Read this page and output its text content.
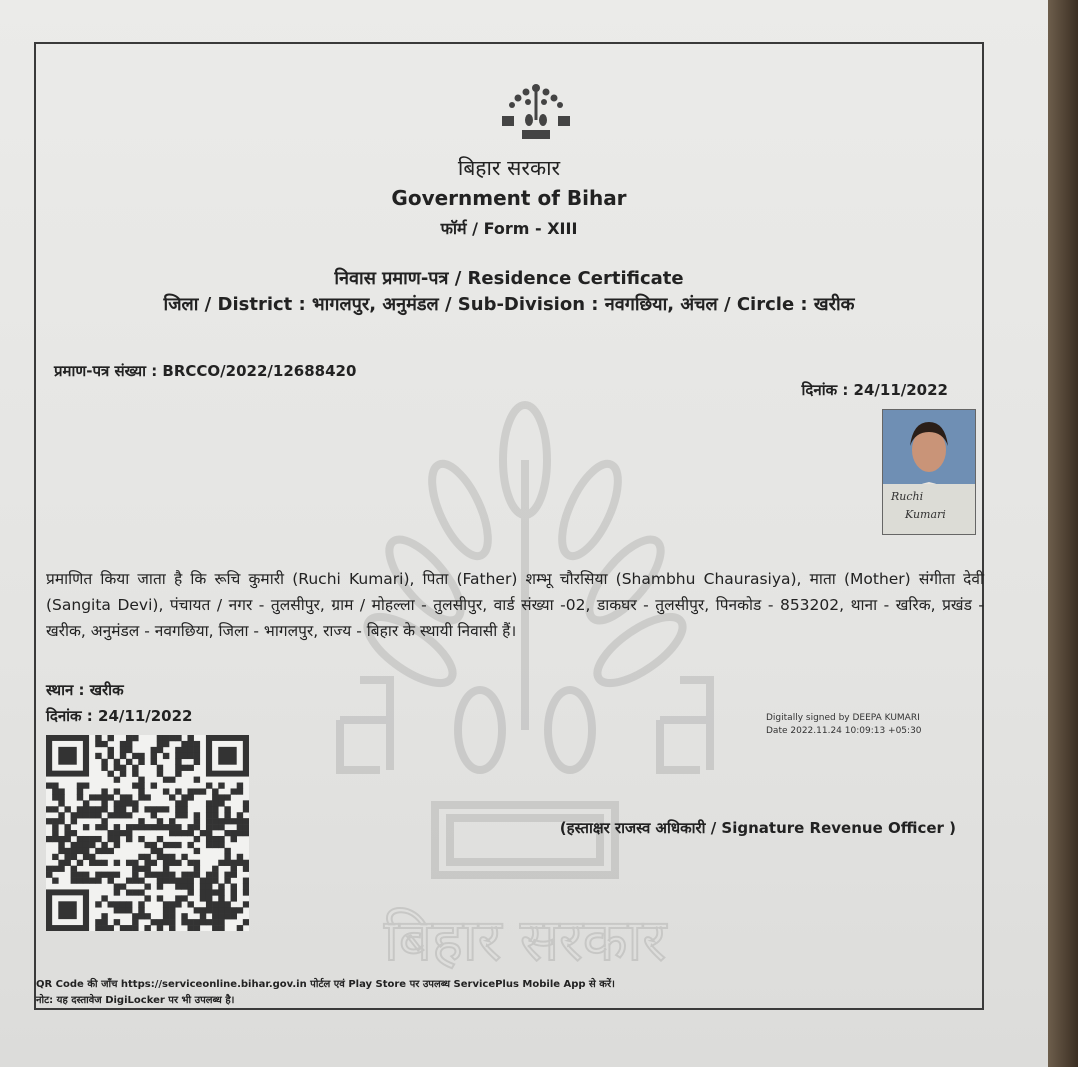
बिहार सरकार
बिहार सरकार
Government of Bihar
फॉर्म / Form - XIII
निवास प्रमाण-पत्र / Residence Certificate
जिला / District : भागलपुर, अनुमंडल / Sub-Division : नवगछिया, अंचल / Circle : खरीक
प्रमाण-पत्र संख्या : BRCCO/2022/12688420
दिनांक : 24/11/2022
Ruchi
Kumari
प्रमाणित किया जाता है कि रूचि कुमारी (Ruchi Kumari), पिता (Father) शम्भू चौरसिया (Shambhu Chaurasiya), माता (Mother) संगीता देवी (Sangita Devi), पंचायत / नगर - तुलसीपुर, ग्राम / मोहल्ला - तुलसीपुर, वार्ड संख्या -02, डाकघर - तुलसीपुर, पिनकोड - 853202, थाना - खरिक, प्रखंड - खरीक, अनुमंडल - नवगछिया, जिला - भागलपुर, राज्य - बिहार के स्थायी निवासी हैं।
स्थान : खरीक
दिनांक : 24/11/2022	Digitally signed by DEEPA KUMARI
Date 2022.11.24 10:09:13 +05:30
(हस्ताक्षर राजस्व अधिकारी / Signature Revenue Officer )
QR Code की जाँच https://serviceonline.bihar.gov.in पोर्टल एवं Play Store पर उपलब्ध ServicePlus Mobile App से करें।
नोट: यह दस्तावेज DigiLocker पर भी उपलब्ध है।
